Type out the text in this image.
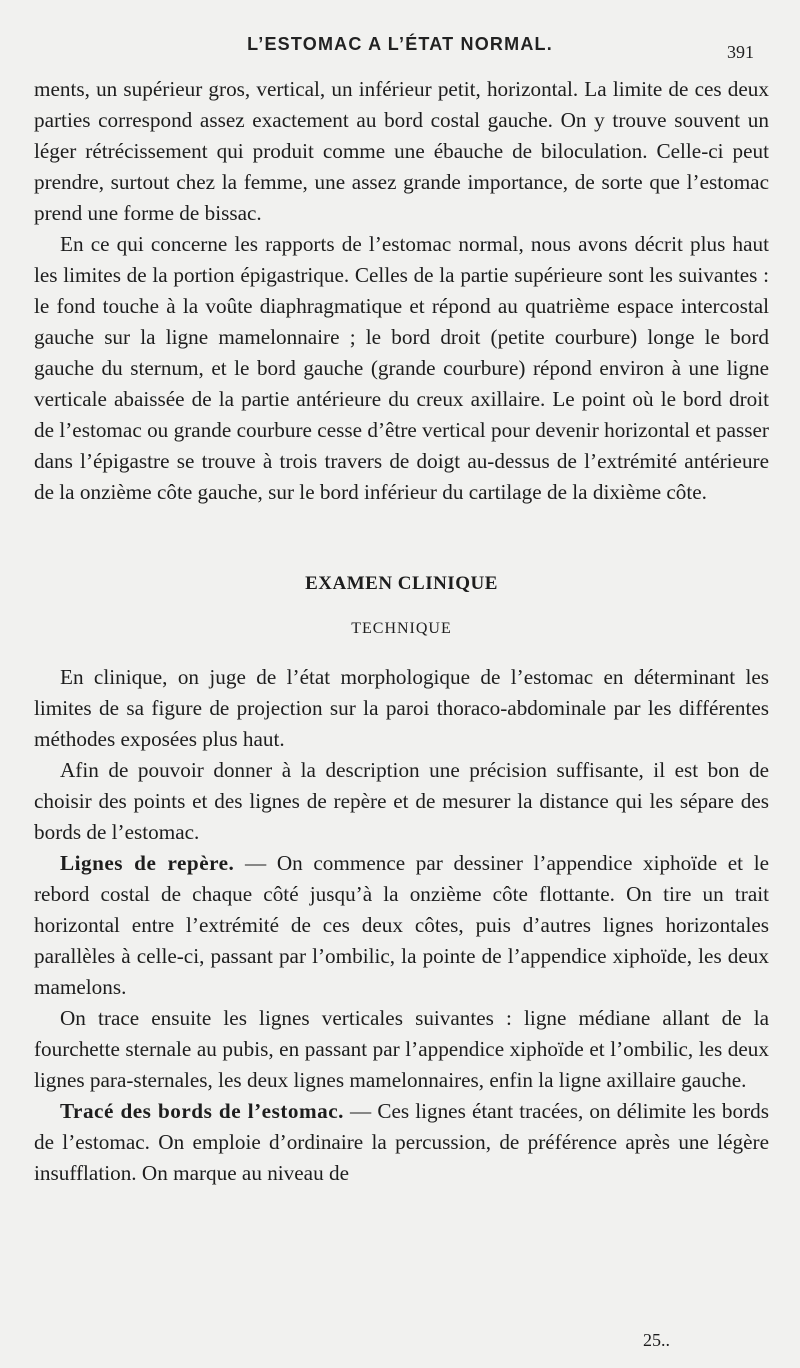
L’ESTOMAC A L’ÉTAT NORMAL.	391

ments, un supérieur gros, vertical, un inférieur petit, horizontal. La limite de ces deux parties correspond assez exactement au bord costal gauche. On y trouve souvent un léger rétrécissement qui produit comme une ébauche de biloculation. Celle-ci peut prendre, surtout chez la femme, une assez grande importance, de sorte que l’estomac prend une forme de bissac.

En ce qui concerne les rapports de l’estomac normal, nous avons décrit plus haut les limites de la portion épigastrique. Celles de la partie supérieure sont les suivantes : le fond touche à la voûte diaphragmatique et répond au quatrième espace intercostal gauche sur la ligne mamelonnaire ; le bord droit (petite courbure) longe le bord gauche du sternum, et le bord gauche (grande courbure) répond environ à une ligne verticale abaissée de la partie antérieure du creux axillaire. Le point où le bord droit de l’estomac ou grande courbure cesse d’être vertical pour devenir horizontal et passer dans l’épigastre se trouve à trois travers de doigt au-dessus de l’extrémité antérieure de la onzième côte gauche, sur le bord inférieur du cartilage de la dixième côte.

EXAMEN CLINIQUE
TECHNIQUE

En clinique, on juge de l’état morphologique de l’estomac en déterminant les limites de sa figure de projection sur la paroi thoraco-abdominale par les différentes méthodes exposées plus haut.

Afin de pouvoir donner à la description une précision suffisante, il est bon de choisir des points et des lignes de repère et de mesurer la distance qui les sépare des bords de l’estomac.

Lignes de repère. — On commence par dessiner l’appendice xiphoïde et le rebord costal de chaque côté jusqu’à la onzième côte flottante. On tire un trait horizontal entre l’extrémité de ces deux côtes, puis d’autres lignes horizontales parallèles à celle-ci, passant par l’ombilic, la pointe de l’appendice xiphoïde, les deux mamelons.

On trace ensuite les lignes verticales suivantes : ligne médiane allant de la fourchette sternale au pubis, en passant par l’appendice xiphoïde et l’ombilic, les deux lignes para-sternales, les deux lignes mamelonnaires, enfin la ligne axillaire gauche.

Tracé des bords de l’estomac. — Ces lignes étant tracées, on délimite les bords de l’estomac. On emploie d’ordinaire la percussion, de préférence après une légère insufflation. On marque au niveau de

25..
